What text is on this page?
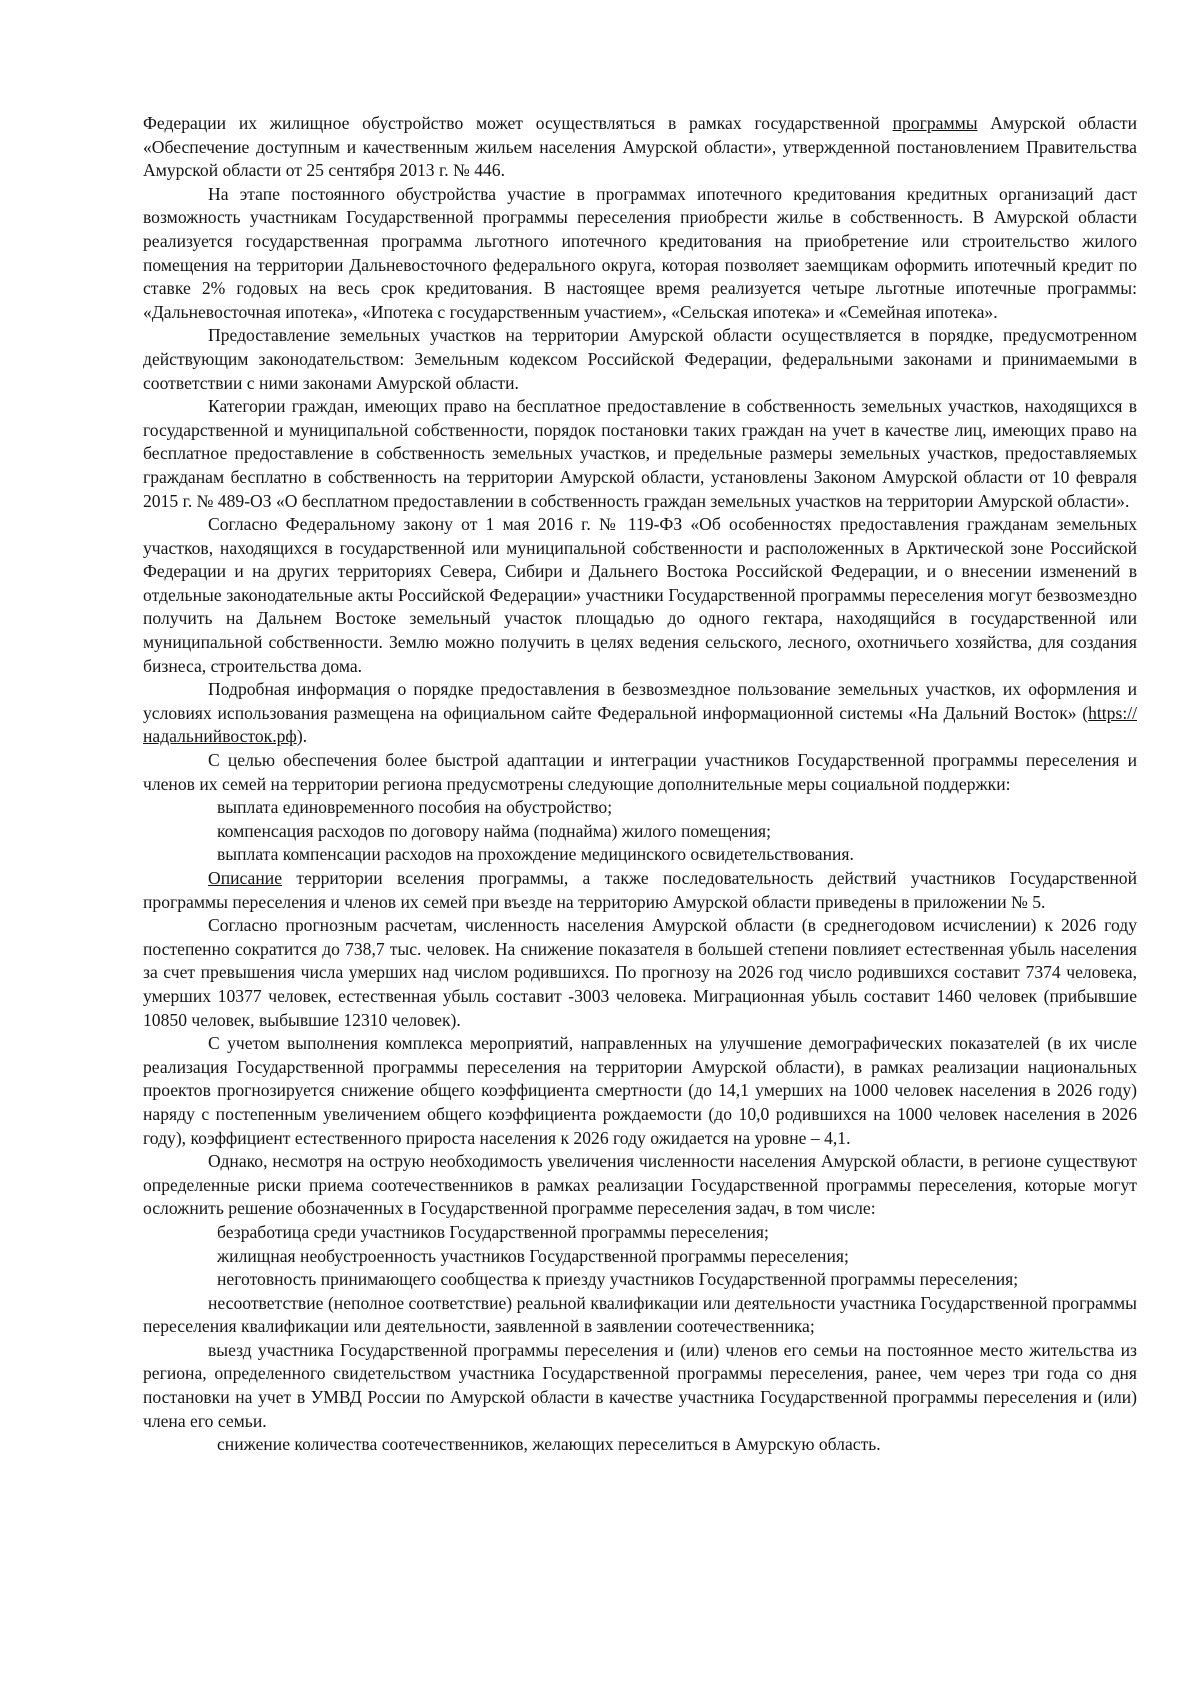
Федерации их жилищное обустройство может осуществляться в рамках государственной программы Амурской области «Обеспечение доступным и качественным жильем населения Амурской области», утвержденной постановлением Правительства Амурской области от 25 сентября 2013 г. № 446.

На этапе постоянного обустройства участие в программах ипотечного кредитования кредитных организаций даст возможность участникам Государственной программы переселения приобрести жилье в собственность. В Амурской области реализуется государственная программа льготного ипотечного кредитования на приобретение или строительство жилого помещения на территории Дальневосточного федерального округа, которая позволяет заемщикам оформить ипотечный кредит по ставке 2% годовых на весь срок кредитования. В настоящее время реализуется четыре льготные ипотечные программы: «Дальневосточная ипотека», «Ипотека с государственным участием», «Сельская ипотека» и «Семейная ипотека».

Предоставление земельных участков на территории Амурской области осуществляется в порядке, предусмотренном действующим законодательством: Земельным кодексом Российской Федерации, федеральными законами и принимаемыми в соответствии с ними законами Амурской области.

Категории граждан, имеющих право на бесплатное предоставление в собственность земельных участков, находящихся в государственной и муниципальной собственности, порядок постановки таких граждан на учет в качестве лиц, имеющих право на бесплатное предоставление в собственность земельных участков, и предельные размеры земельных участков, предоставляемых гражданам бесплатно в собственность на территории Амурской области, установлены Законом Амурской области от 10 февраля 2015 г. № 489-ОЗ «О бесплатном предоставлении в собственность граждан земельных участков на территории Амурской области».

Согласно Федеральному закону от 1 мая 2016 г. № 119-ФЗ «Об особенностях предоставления гражданам земельных участков, находящихся в государственной или муниципальной собственности и расположенных в Арктической зоне Российской Федерации и на других территориях Севера, Сибири и Дальнего Востока Российской Федерации, и о внесении изменений в отдельные законодательные акты Российской Федерации» участники Государственной программы переселения могут безвозмездно получить на Дальнем Востоке земельный участок площадью до одного гектара, находящийся в государственной или муниципальной собственности. Землю можно получить в целях ведения сельского, лесного, охотничьего хозяйства, для создания бизнеса, строительства дома.

Подробная информация о порядке предоставления в безвозмездное пользование земельных участков, их оформления и условиях использования размещена на официальном сайте Федеральной информационной системы «На Дальний Восток» (https://надальнийвосток.рф).

С целью обеспечения более быстрой адаптации и интеграции участников Государственной программы переселения и членов их семей на территории региона предусмотрены следующие дополнительные меры социальной поддержки:

выплата единовременного пособия на обустройство;

компенсация расходов по договору найма (поднайма) жилого помещения;

выплата компенсации расходов на прохождение медицинского освидетельствования.

Описание территории вселения программы, а также последовательность действий участников Государственной программы переселения и членов их семей при въезде на территорию Амурской области приведены в приложении № 5.

Согласно прогнозным расчетам, численность населения Амурской области (в среднегодовом исчислении) к 2026 году постепенно сократится до 738,7 тыс. человек. На снижение показателя в большей степени повлияет естественная убыль населения за счет превышения числа умерших над числом родившихся. По прогнозу на 2026 год число родившихся составит 7374 человека, умерших 10377 человек, естественная убыль составит -3003 человека. Миграционная убыль составит 1460 человек (прибывшие 10850 человек, выбывшие 12310 человек).

С учетом выполнения комплекса мероприятий, направленных на улучшение демографических показателей (в их числе реализация Государственной программы переселения на территории Амурской области), в рамках реализации национальных проектов прогнозируется снижение общего коэффициента смертности (до 14,1 умерших на 1000 человек населения в 2026 году) наряду с постепенным увеличением общего коэффициента рождаемости (до 10,0 родившихся на 1000 человек населения в 2026 году), коэффициент естественного прироста населения к 2026 году ожидается на уровне – 4,1.

Однако, несмотря на острую необходимость увеличения численности населения Амурской области, в регионе существуют определенные риски приема соотечественников в рамках реализации Государственной программы переселения, которые могут осложнить решение обозначенных в Государственной программе переселения задач, в том числе:

безработица среди участников Государственной программы переселения;

жилищная необустроенность участников Государственной программы переселения;

неготовность принимающего сообщества к приезду участников Государственной программы переселения;

несоответствие (неполное соответствие) реальной квалификации или деятельности участника Государственной программы переселения квалификации или деятельности, заявленной в заявлении соотечественника;

выезд участника Государственной программы переселения и (или) членов его семьи на постоянное место жительства из региона, определенного свидетельством участника Государственной программы переселения, ранее, чем через три года со дня постановки на учет в УМВД России по Амурской области в качестве участника Государственной программы переселения и (или) члена его семьи.

снижение количества соотечественников, желающих переселиться в Амурскую область.
